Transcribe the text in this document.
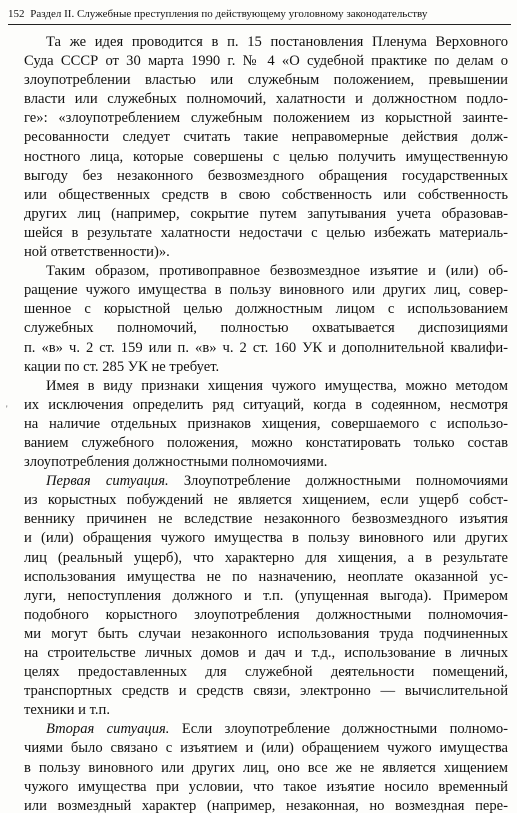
152 Раздел II. Служебные преступления по действующему уголовному законодательству
'
Та же идея проводится в п. 15 постановления Пленума Верховного
Суда СССР от 30 марта 1990 г. № 4 «О судебной практике по делам о
злоупотреблении властью или служебным положением, превышении
власти или служебных полномочий, халатности и должностном подло-
ге»: «злоупотреблением служебным положением из корыстной заинте-
ресованности следует считать такие неправомерные действия долж-
ностного лица, которые совершены с целью получить имущественную
выгоду без незаконного безвозмездного обращения государственных
или общественных средств в свою собственность или собственность
других лиц (например, сокрытие путем запутывания учета образовав-
шейся в результате халатности недостачи с целью избежать материаль-
ной ответственности)».
Таким образом, противоправное безвозмездное изъятие и (или) об-
ращение чужого имущества в пользу виновного или других лиц, совер-
шенное с корыстной целью должностным лицом с использованием
служебных полномочий, полностью охватывается диспозициями
п. «в» ч. 2 ст. 159 или п. «в» ч. 2 ст. 160 УК и дополнительной квалифи-
кации по ст. 285 УК не требует.
Имея в виду признаки хищения чужого имущества, можно методом
их исключения определить ряд ситуаций, когда в содеянном, несмотря
на наличие отдельных признаков хищения, совершаемого с использо-
ванием служебного положения, можно констатировать только состав
злоупотребления должностными полномочиями.
Первая ситуация. Злоупотребление должностными полномочиями
из корыстных побуждений не является хищением, если ущерб собст-
веннику причинен не вследствие незаконного безвозмездного изъятия
и (или) обращения чужого имущества в пользу виновного или других
лиц (реальный ущерб), что характерно для хищения, а в результате
использования имущества не по назначению, неоплате оказанной ус-
луги, непоступления должного и т.п. (упущенная выгода). Примером
подобного корыстного злоупотребления должностными полномочия-
ми могут быть случаи незаконного использования труда подчиненных
на строительстве личных домов и дач и т.д., использование в личных
целях предоставленных для служебной деятельности помещений,
транспортных средств и средств связи, электронно — вычислительной
техники и т.п.
Вторая ситуация. Если злоупотребление должностными полномо-
чиями было связано с изъятием и (или) обращением чужого имущества
в пользу виновного или других лиц, оно все же не является хищением
чужого имущества при условии, что такое изъятие носило временный
или возмездный характер (например, незаконная, но возмездная пере-
